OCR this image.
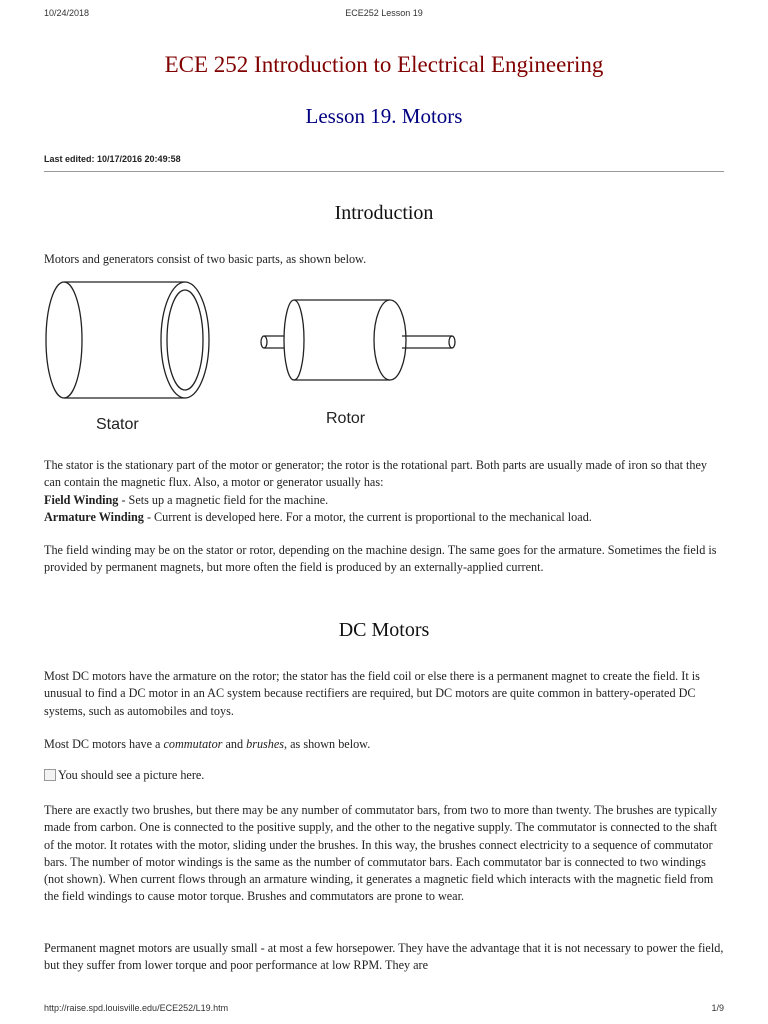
10/24/2018	ECE252 Lesson 19
ECE 252 Introduction to Electrical Engineering
Lesson 19. Motors
Last edited: 10/17/2016 20:49:58
Introduction

Motors and generators consist of two basic parts, as shown below.

Stator	Rotor

The stator is the stationary part of the motor or generator; the rotor is the rotational part. Both parts are usually made of iron so that they can contain the magnetic flux. Also, a motor or generator usually has:
Field Winding - Sets up a magnetic field for the machine.
Armature Winding - Current is developed here. For a motor, the current is proportional to the mechanical load.

The field winding may be on the stator or rotor, depending on the machine design. The same goes for the armature. Sometimes the field is provided by permanent magnets, but more often the field is produced by an externally-applied current.

DC Motors

Most DC motors have the armature on the rotor; the stator has the field coil or else there is a permanent magnet to create the field. It is unusual to find a DC motor in an AC system because rectifiers are required, but DC motors are quite common in battery-operated DC systems, such as automobiles and toys.

Most DC motors have a commutator and brushes, as shown below.

You should see a picture here.

There are exactly two brushes, but there may be any number of commutator bars, from two to more than twenty. The brushes are typically made from carbon. One is connected to the positive supply, and the other to the negative supply. The commutator is connected to the shaft of the motor. It rotates with the motor, sliding under the brushes. In this way, the brushes connect electricity to a sequence of commutator bars. The number of motor windings is the same as the number of commutator bars. Each commutator bar is connected to two windings (not shown). When current flows through an armature winding, it generates a magnetic field which interacts with the magnetic field from the field windings to cause motor torque. Brushes and commutators are prone to wear.

Permanent magnet motors are usually small - at most a few horsepower. They have the advantage that it is not necessary to power the field, but they suffer from lower torque and poor performance at low RPM. They are

http://raise.spd.louisville.edu/ECE252/L19.htm	1/9
